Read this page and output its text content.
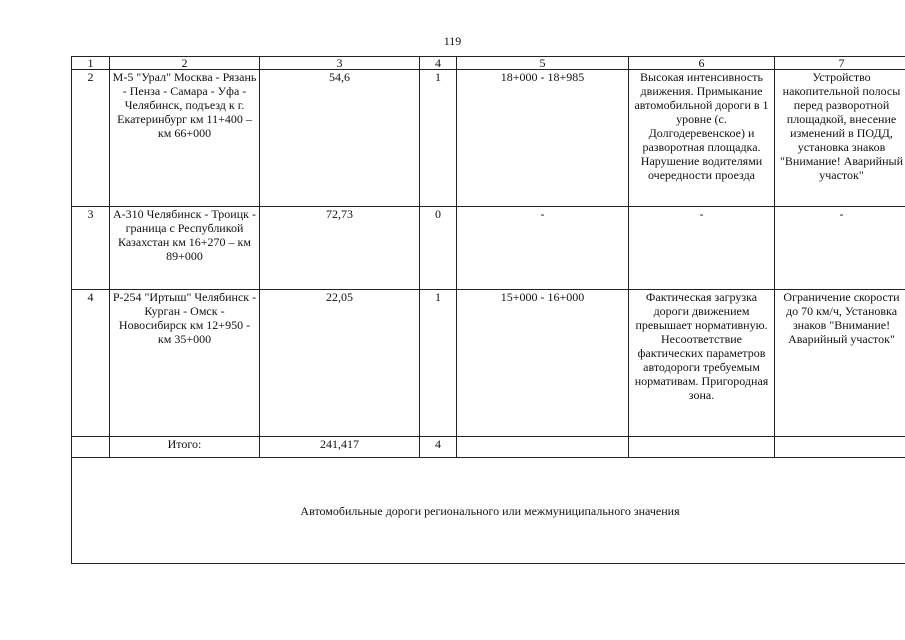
119
1	2	3	4	5	6	7
2	М-5 "Урал" Москва - Рязань - Пенза - Самара - Уфа - Челябинск, подъезд к г. Екатеринбург км 11+400 – км 66+000	54,6	1	18+000 - 18+985	Высокая интенсивность движения. Примыкание автомобильной дороги в 1 уровне (с. Долгодеревенское) и разворотная площадка. Нарушение водителями очередности проезда	Устройство накопительной полосы перед разворотной площадкой, внесение изменений в ПОДД, установка знаков "Внимание! Аварийный участок"
3	А-310 Челябинск - Троицк - граница с Республикой Казахстан км 16+270 – км 89+000	72,73	0	-	-	-
4	Р-254 "Иртыш" Челябинск - Курган - Омск - Новосибирск км 12+950 - км 35+000	22,05	1	15+000 - 16+000	Фактическая загрузка дороги движением превышает нормативную. Несоответствие фактических параметров автодороги требуемым нормативам. Пригородная зона.	Ограничение скорости до 70 км/ч, Установка знаков "Внимание! Аварийный участок"
	Итого:	241,417	4			
Автомобильные дороги регионального или межмуниципального значения						
